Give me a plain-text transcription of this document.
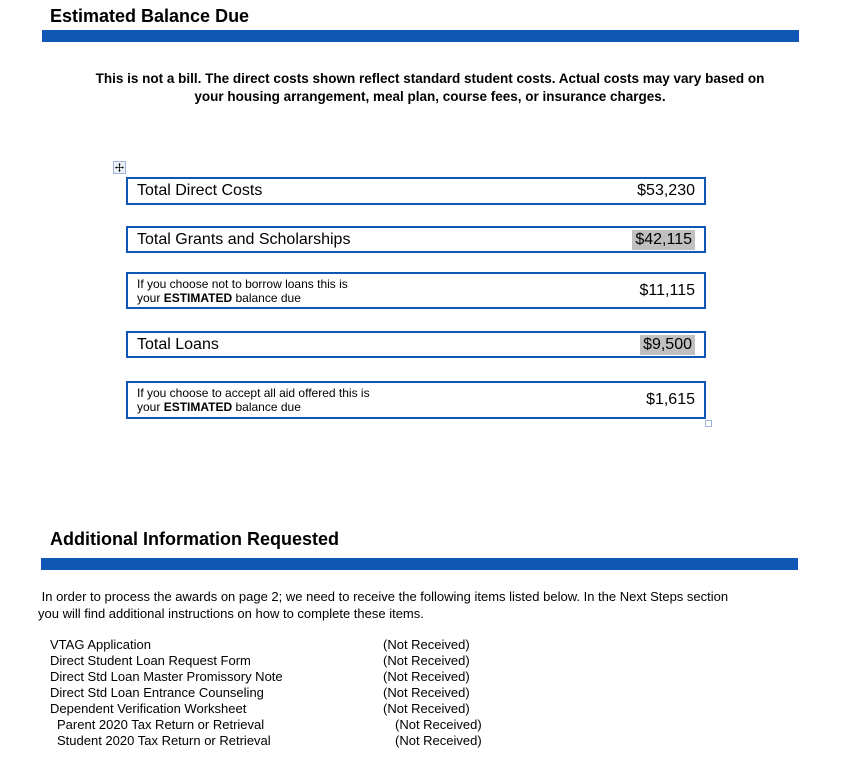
Estimated Balance Due
This is not a bill. The direct costs shown reflect standard student costs. Actual costs may vary based on
your housing arrangement, meal plan, course fees, or insurance charges.
Total Direct Costs	$53,230
Total Grants and Scholarships	$42,115
If you choose not to borrow loans this is
your ESTIMATED balance due	$11,115
Total Loans	$9,500
If you choose to accept all aid offered this is
your ESTIMATED balance due	$1,615
Additional Information Requested
In order to process the awards on page 2; we need to receive the following items listed below. In the Next Steps section
you will find additional instructions on how to complete these items.
VTAG Application	(Not Received)
Direct Student Loan Request Form	(Not Received)
Direct Std Loan Master Promissory Note	(Not Received)
Direct Std Loan Entrance Counseling	(Not Received)
Dependent Verification Worksheet	(Not Received)
Parent 2020 Tax Return or Retrieval	(Not Received)
Student 2020 Tax Return or Retrieval	(Not Received)
